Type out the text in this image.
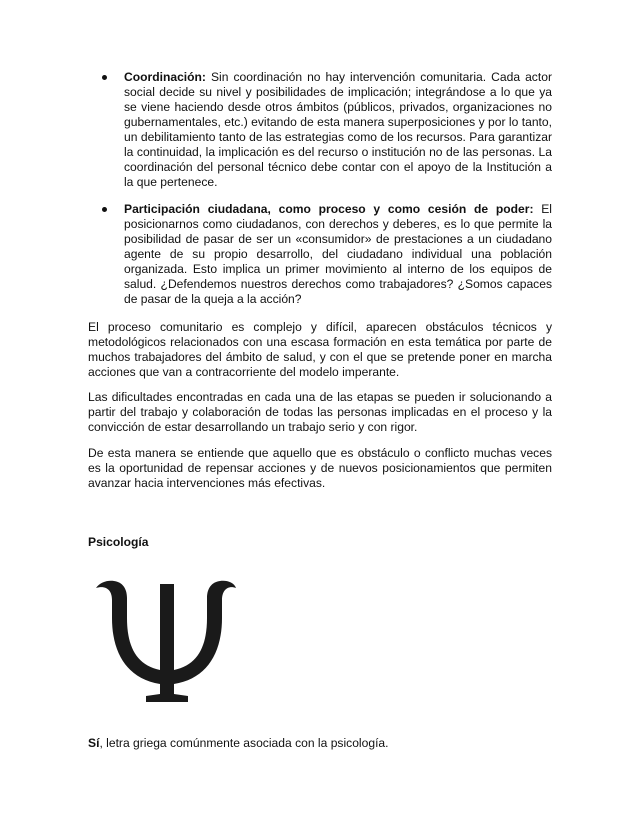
Coordinación: Sin coordinación no hay intervención comunitaria. Cada actor social decide su nivel y posibilidades de implicación; integrándose a lo que ya se viene haciendo desde otros ámbitos (públicos, privados, organizaciones no gubernamentales, etc.) evitando de esta manera superposiciones y por lo tanto, un debilitamiento tanto de las estrategias como de los recursos. Para garantizar la continuidad, la implicación es del recurso o institución no de las personas. La coordinación del personal técnico debe contar con el apoyo de la Institución a la que pertenece.
Participación ciudadana, como proceso y como cesión de poder: El posicionarnos como ciudadanos, con derechos y deberes, es lo que permite la posibilidad de pasar de ser un «consumidor» de prestaciones a un ciudadano agente de su propio desarrollo, del ciudadano individual una población organizada. Esto implica un primer movimiento al interno de los equipos de salud. ¿Defendemos nuestros derechos como trabajadores? ¿Somos capaces de pasar de la queja a la acción?

El proceso comunitario es complejo y difícil, aparecen obstáculos técnicos y metodológicos relacionados con una escasa formación en esta temática por parte de muchos trabajadores del ámbito de salud, y con el que se pretende poner en marcha acciones que van a contracorriente del modelo imperante.

Las dificultades encontradas en cada una de las etapas se pueden ir solucionando a partir del trabajo y colaboración de todas las personas implicadas en el proceso y la convicción de estar desarrollando un trabajo serio y con rigor.

De esta manera se entiende que aquello que es obstáculo o conflicto muchas veces es la oportunidad de repensar acciones y de nuevos posicionamientos que permiten avanzar hacia intervenciones más efectivas.

Psicología

Sí, letra griega comúnmente asociada con la psicología.
